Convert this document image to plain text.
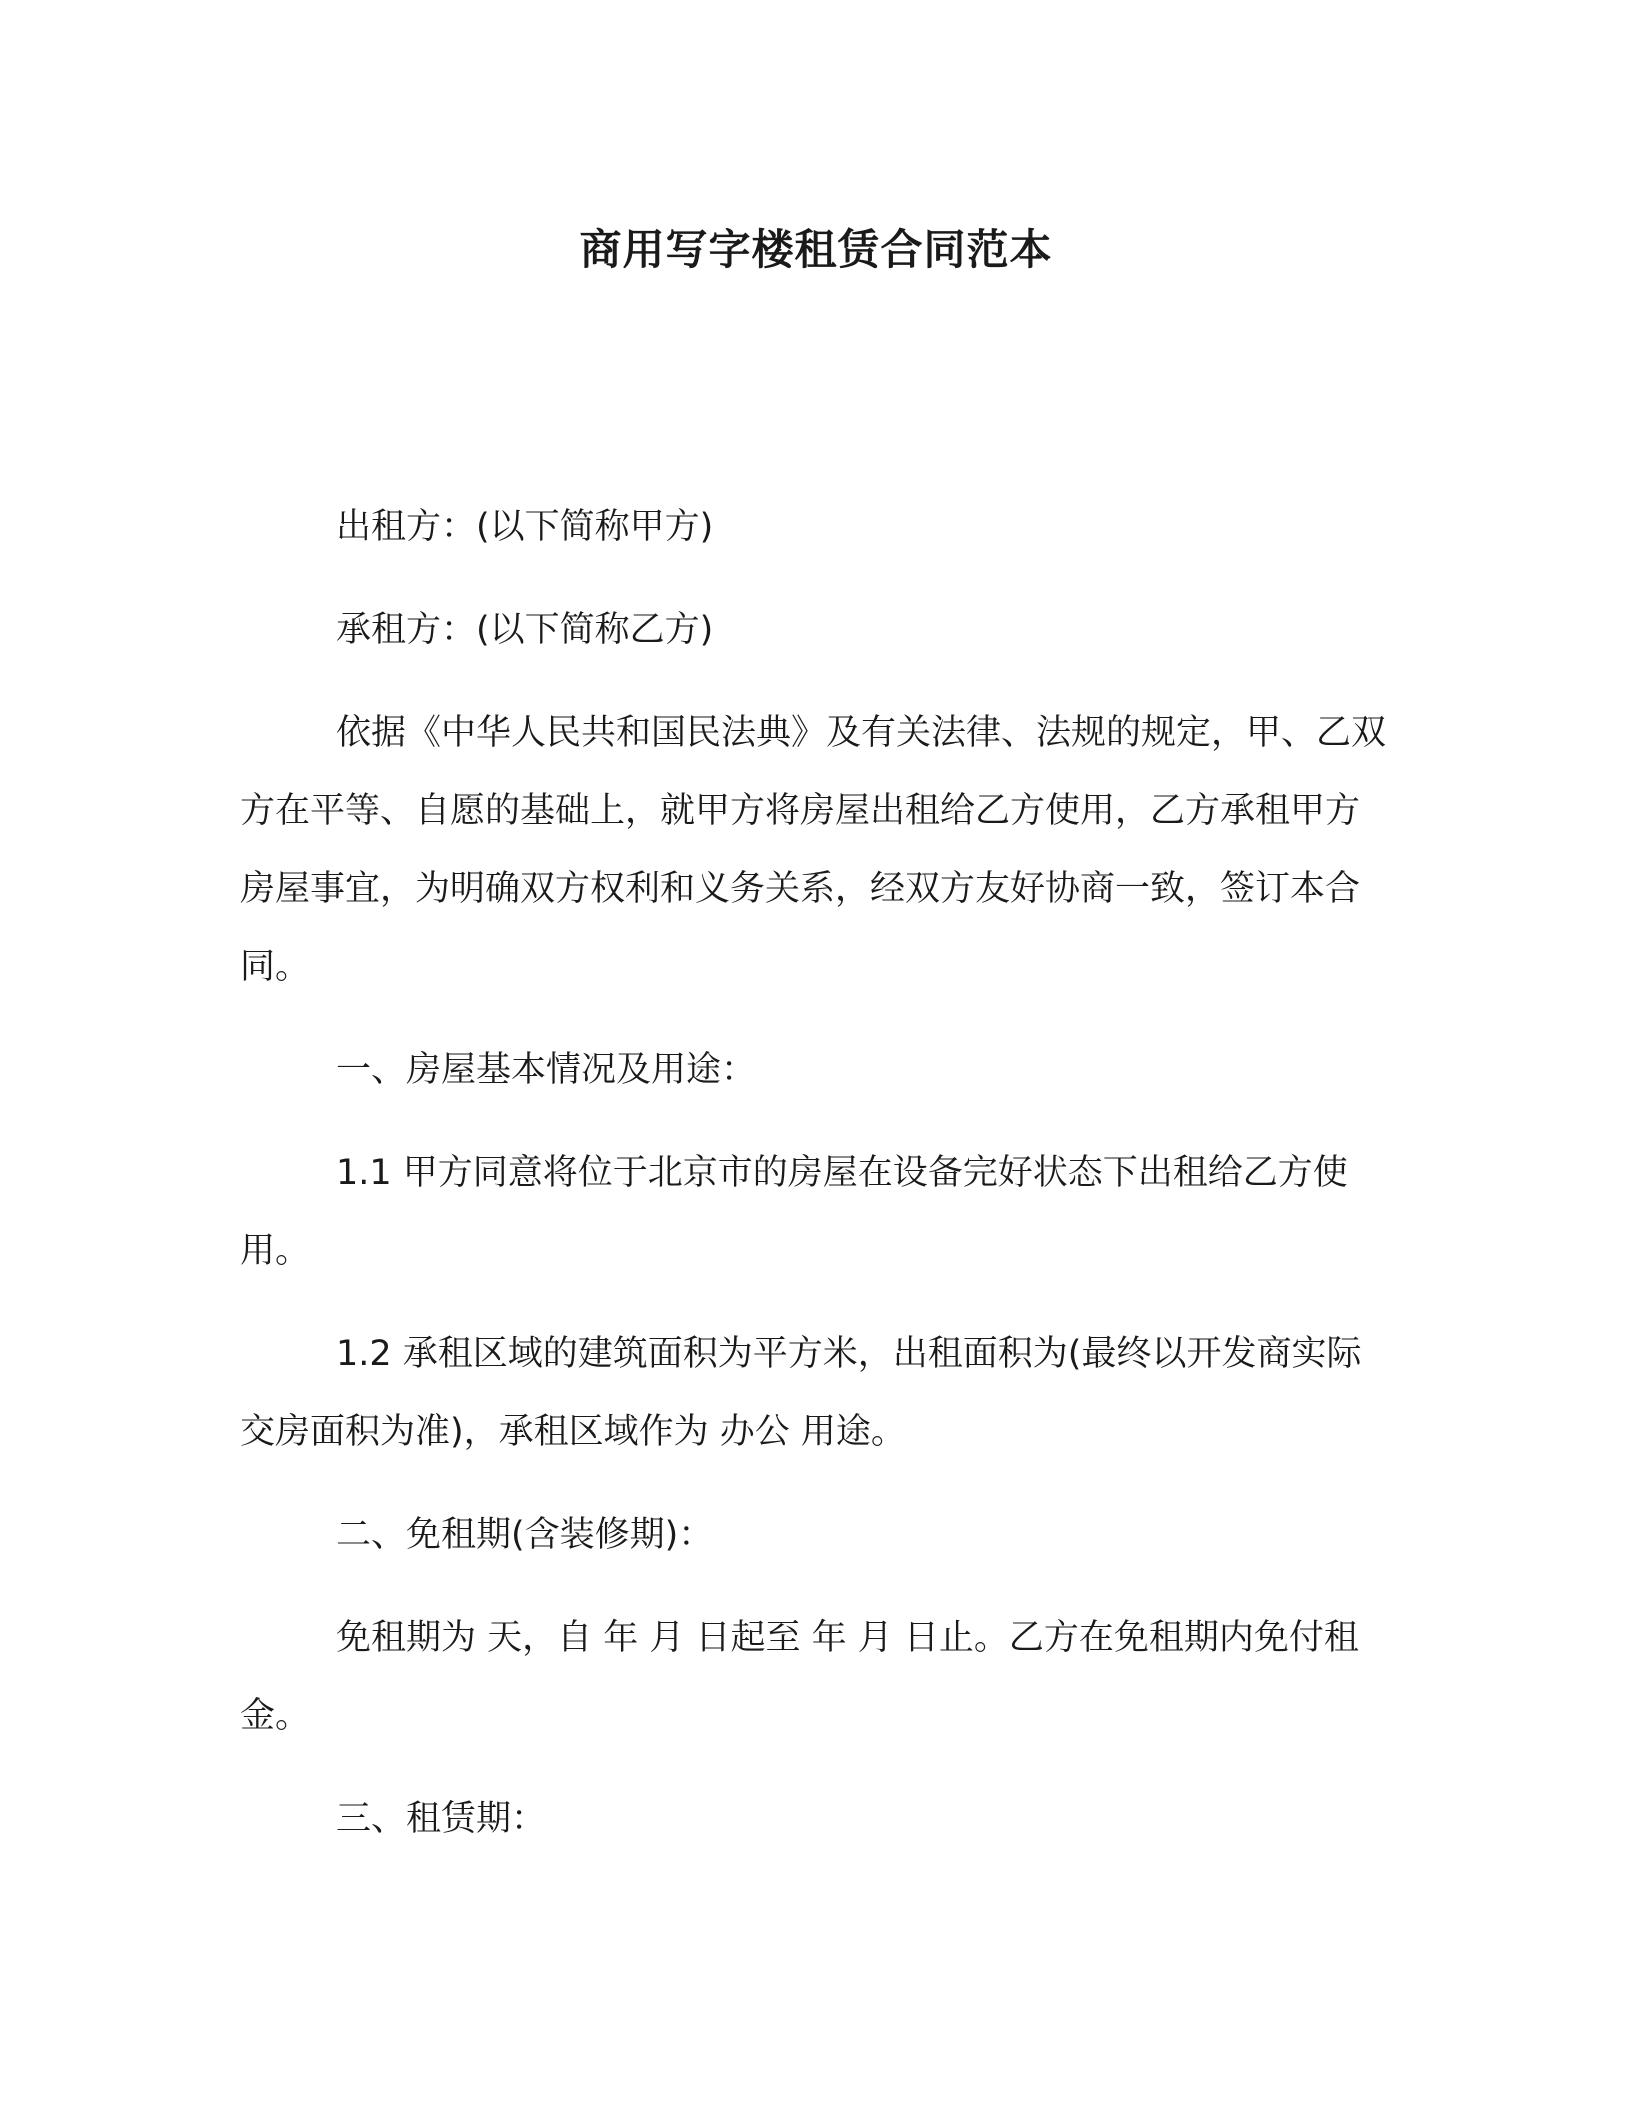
商用写字楼租赁合同范本

出租方：(以下简称甲方)

承租方：(以下简称乙方)

依据《中华人民共和国民法典》及有关法律、法规的规定，甲、乙双方在平等、自愿的基础上，就甲方将房屋出租给乙方使用，乙方承租甲方房屋事宜，为明确双方权利和义务关系，经双方友好协商一致，签订本合同。

一、房屋基本情况及用途：

1.1 甲方同意将位于北京市的房屋在设备完好状态下出租给乙方使用。

1.2 承租区域的建筑面积为平方米，出租面积为(最终以开发商实际交房面积为准)，承租区域作为 办公 用途。

二、免租期(含装修期)：

免租期为 天，自 年 月 日起至 年 月 日止。乙方在免租期内免付租金。

三、租赁期：
